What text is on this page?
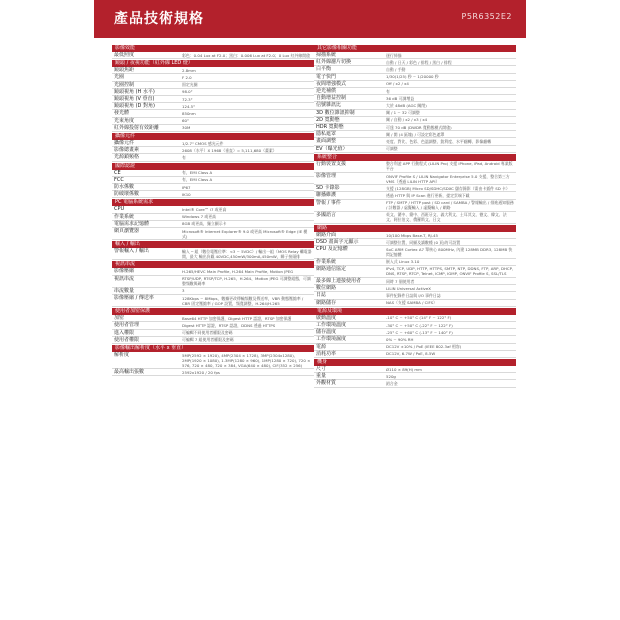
產品技術規格	P5R6352E2
影像效能
最低照度	彩色：0.04 Lux at F2.0；黑白：0.006 Lux at F2.0；0 Lux 紅外線開啟
鏡頭 / 夜視功能（紅外線 LED 燈）
鏡頭焦距	2.8mm
光圈	F 2.0
光圈控制	固定光圈
鏡頭視角 (H 水平)	98.0°
鏡頭視角 (V 垂直)	72.3°
鏡頭視角 (D 對角)	124.5°
發光體	850nm
光束角度	60°
紅外線投射有效距離	30M
攝像元件
攝像元件	1/2.7" CMOS 感光元件
影像總畫素	2608（水平）X 1968（垂直）= 5,111,680（畫素）
光源鎖頻格	有
國際認證
CE	有，EMI Class A
FCC	有，EMI Class A
防水係數	IP67
防破壞係數	IK10
PC 電腦系統需求
CPU	Intel® Core™ i7 或更高
作業系統	Windows 7 或更高
電腦需求記憶體	8GB 或更高，獨立顯示卡
網頁瀏覽器	Microsoft® Internet Explorer® 9.0 或更高 Microsoft® Edge (IE 模式)
輸入 / 輸出
警報輸入 / 輸出	輸入 ─ 組（數位電壓位準：<3 ~ 5VDC）/ 輸出一組（MOS Relay 繼電器開，最大 輸出負載 40VDC,450mW/300mA,450mW，瞬子接頭排
視訊串流
影像壓縮	H.265/HEVC Main Profile, H.264 Main Profile, Motion JPEG
視訊串流	RTSP/UDP, RTSP/TCP, H.265、H.264、Motion JPEG 可調整組態，可調整頻數與碼率
串流數量	3
影像壓縮 / 傳送率	128Kbps ~ 8Mbps，數據更改傳輸頻數及傳送率，VBR 動態壓縮率 / CBR 固定壓縮率 / GOP 設置，頻寬調整，H.264/H.265
使用者加密保護
加密	Base64 HTTP 加密保護，Digest HTTP 認證，RTSP 加密保護
使用者管理	Digest HTTP 認證，RTSP 認證，DDNS 透過 HTTPS
進入權限	可編輯不同使用者權限及密碼
使用者權限	可編輯 7 組使用者權限及密碼
影像輸出解析度（水平 x 垂直）
解析度	5MP(2592 × 1920), 4MP(2304 × 1728), 3MP(2304x1280), 2MP(1920 × 1080), 1.3MP(1280 × 960), 1MP(1280 × 720), 720 × 576, 720 × 480, 720 × 384, VGA(640 × 480), CIF(352 × 256)
最高輸出張數	2592x1920 / 20 fps
其它影像相關功能
掃描系統	逐行掃描
紅外線濾片切換	自動 / 日天 / 彩色 / 排程 / 黑白 / 排程
白平衡	自動 / 手動
電子快門	1/30(1/25) 秒 ~ 1/20000 秒
夜間增強模式	Off / x2 / x4
逆光補償	有
自動增益控制	36 dB 可調增益
信號雜訊比	大於 48dB (AGC 關閉)
3D 數位雜訊抑制	關 / 1 ~ 32 可調整
2D 寬動態	關 / 自動 / x2 / x3 / x4
HDR 寬動態	可達 70 dB (DWDR 寬動態模式開啟)
隱私遮罩	關 / 開 (4 區塊) / 可設定彩色遮罩
畫面調整	亮度、對比、色彩、色溫調整、銳利度、水平翻轉、影像翻轉
EV（曝光值）	可調整
系統整合
行動裝置支援	整合利凌 APP 行動程式 (LILIN Pro) 支援 iPhone, iPad, Android 專業版平台
影像管理	ONVIF Profile S / LILIN Navigator Enterprise 5.0 支援，整合第三方 VMS（透過 LILIN HTTP API）
SD 卡錄影	支援 (128GB) Micro SD/SDHC/SDXC 儲存錄影（需由卡插件 SD 卡）
聯播維護	透過 HTTP 與 IP Scan 進行更新，提定雲端下載
警報 / 事件	FTP / SMTP / HTTP post / SD card / SAMBA / 警報輸出 / 排進通知服務 / 計數器 / 虛擬輸入 / 虛擬輸入 / 網路
多國語言	英文、繁中、簡中、西班牙文、義大利文、土耳其文、德文、韓文、法文、阿拉伯文、俄羅斯文、日文
網路
網路介面	10/100 Mbps Base-T, RJ-45
DSD 畫面字元顯示	可調整位置，同顯及讀數種 (0 頁)的可設置
CPU 及記憶體	SoC ARM Cortex A7 單核心 800MHz, 內建 128MB DDR3, 128MB 快閃記憶體
作業系統	嵌入式 Linux 3.10
網路通信協定	IPv4, TCP, UDP, HTTP, HTTPS, SMTP, NTP, DDNS, FTP, ARP, DHCP, DNS, RTSP, RTCP, Telnet, ICMP, IGMP, ONVIF Profile S, SSL/TLS
最多線上連接使用者	同時 7 個使用者
數位網路	LILIN Universal ActiveX
日誌	事件紀錄件日誌與 I/O 事件日誌
網路儲存	NAS（支援 SAMBA / CIFS）
電源及環境
啟動溫度	-10° C ~ +50° C (14° F ~ 122° F)
工作環境溫度	-30° C ~ +50° C (-22° F ~ 122° F)
儲存溫度	-25° C ~ +60° C (-13° F ~ 140° F)
工作環境濕度	0% ~ 90% RH
電源	DC12V ±10% / PoE (IEEE 802.3af 相容)
消耗功率	DC12V, 6.7W / PoE, 8.5W
機身
尺寸	Ø110 × 89(H) mm
重量	520g
外觀材質	鋁合金
